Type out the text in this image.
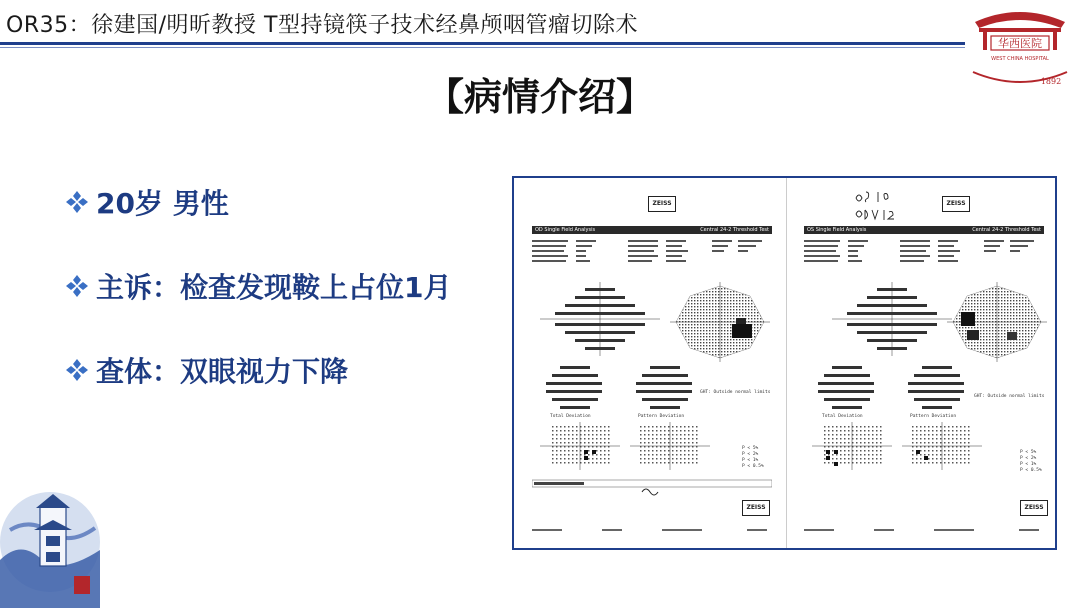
OR35：徐建国/明昕教授 T型持镜筷子技术经鼻颅咽管瘤切除术
华西医院
WEST CHINA HOSPITAL
1892
【病情介绍】
20岁 男性
主诉：检查发现鞍上占位1月
查体：双眼视力下降
ZEISS
OD Single Field Analysis	Central 24-2 Threshold Test
GHT: Outside normal limits
Total Deviation	Pattern Deviation
P < 5%
P < 2%
P < 1%
P < 0.5%
ZEISS
ZEISS
OS Single Field Analysis	Central 24-2 Threshold Test
GHT: Outside normal limits
Total Deviation	Pattern Deviation
P < 5%
P < 2%
P < 1%
P < 0.5%
ZEISS
